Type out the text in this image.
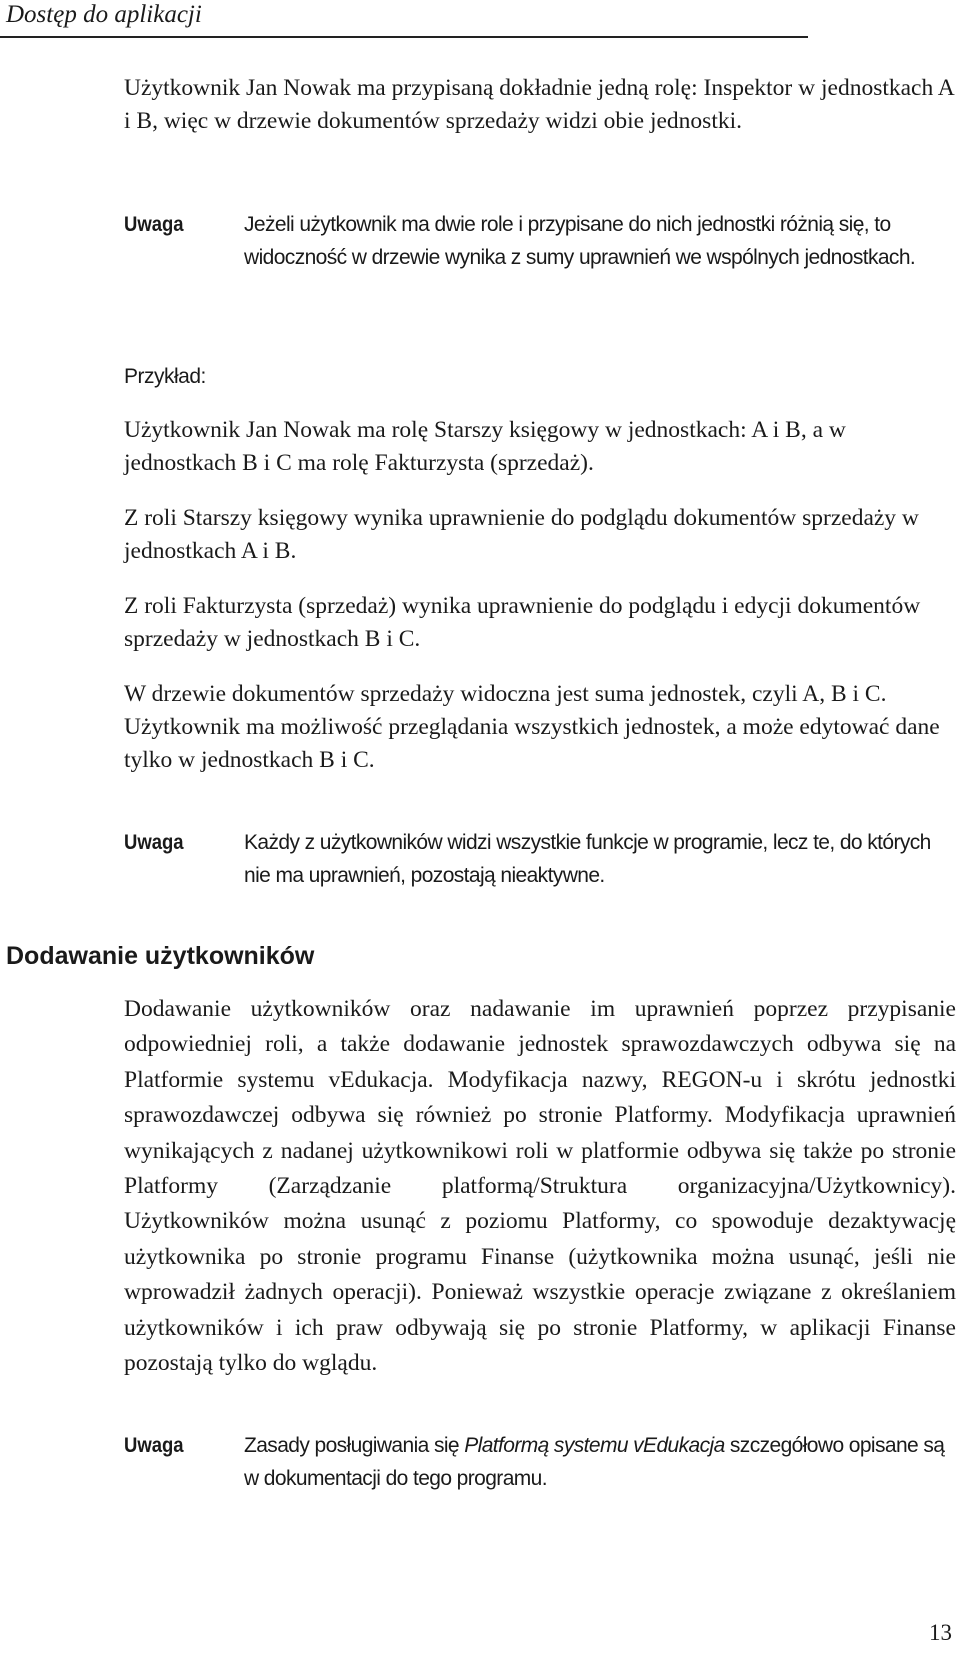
Dostęp do aplikacji
Użytkownik Jan Nowak ma przypisaną dokładnie jedną rolę: Inspektor w jednostkach A i B, więc w drzewie dokumentów sprzedaży widzi obie jednostki.
Uwaga	Jeżeli użytkownik ma dwie role i przypisane do nich jednostki różnią się, to widoczność w drzewie wynika z sumy uprawnień we wspólnych jednostkach.
Przykład:
Użytkownik Jan Nowak ma rolę Starszy księgowy w jednostkach: A i B, a w jednostkach B i C ma rolę Fakturzysta (sprzedaż).
Z roli Starszy księgowy wynika uprawnienie do podglądu dokumentów sprzedaży w jednostkach A i B.
Z roli Fakturzysta (sprzedaż) wynika uprawnienie do podglądu i edycji dokumentów sprzedaży w jednostkach B i C.
W drzewie dokumentów sprzedaży widoczna jest suma jednostek, czyli A, B i C. Użytkownik ma możliwość przeglądania wszystkich jednostek, a może edytować dane tylko w jednostkach B i C.
Uwaga	Każdy z użytkowników widzi wszystkie funkcje w programie, lecz te, do których nie ma uprawnień, pozostają nieaktywne.
Dodawanie użytkowników
Dodawanie użytkowników oraz nadawanie im uprawnień poprzez przypisanie odpowiedniej roli, a także dodawanie jednostek sprawozdawczych odbywa się na Platformie systemu vEdukacja. Modyfikacja nazwy, REGON-u i skrótu jednostki sprawozdawczej odbywa się również po stronie Platformy. Modyfikacja uprawnień wynikających z nadanej użytkownikowi roli w platformie odbywa się także po stronie Platformy (Zarządzanie platformą/Struktura organizacyjna/Użytkownicy). Użytkowników można usunąć z poziomu Platformy, co spowoduje dezaktywację użytkownika po stronie programu Finanse (użytkownika można usunąć, jeśli nie wprowadził żadnych operacji). Ponieważ wszystkie operacje związane z określaniem użytkowników i ich praw odbywają się po stronie Platformy, w aplikacji Finanse pozostają tylko do wglądu.
Uwaga	Zasady posługiwania się Platformą systemu vEdukacja szczegółowo opisane są w dokumentacji do tego programu.
13
